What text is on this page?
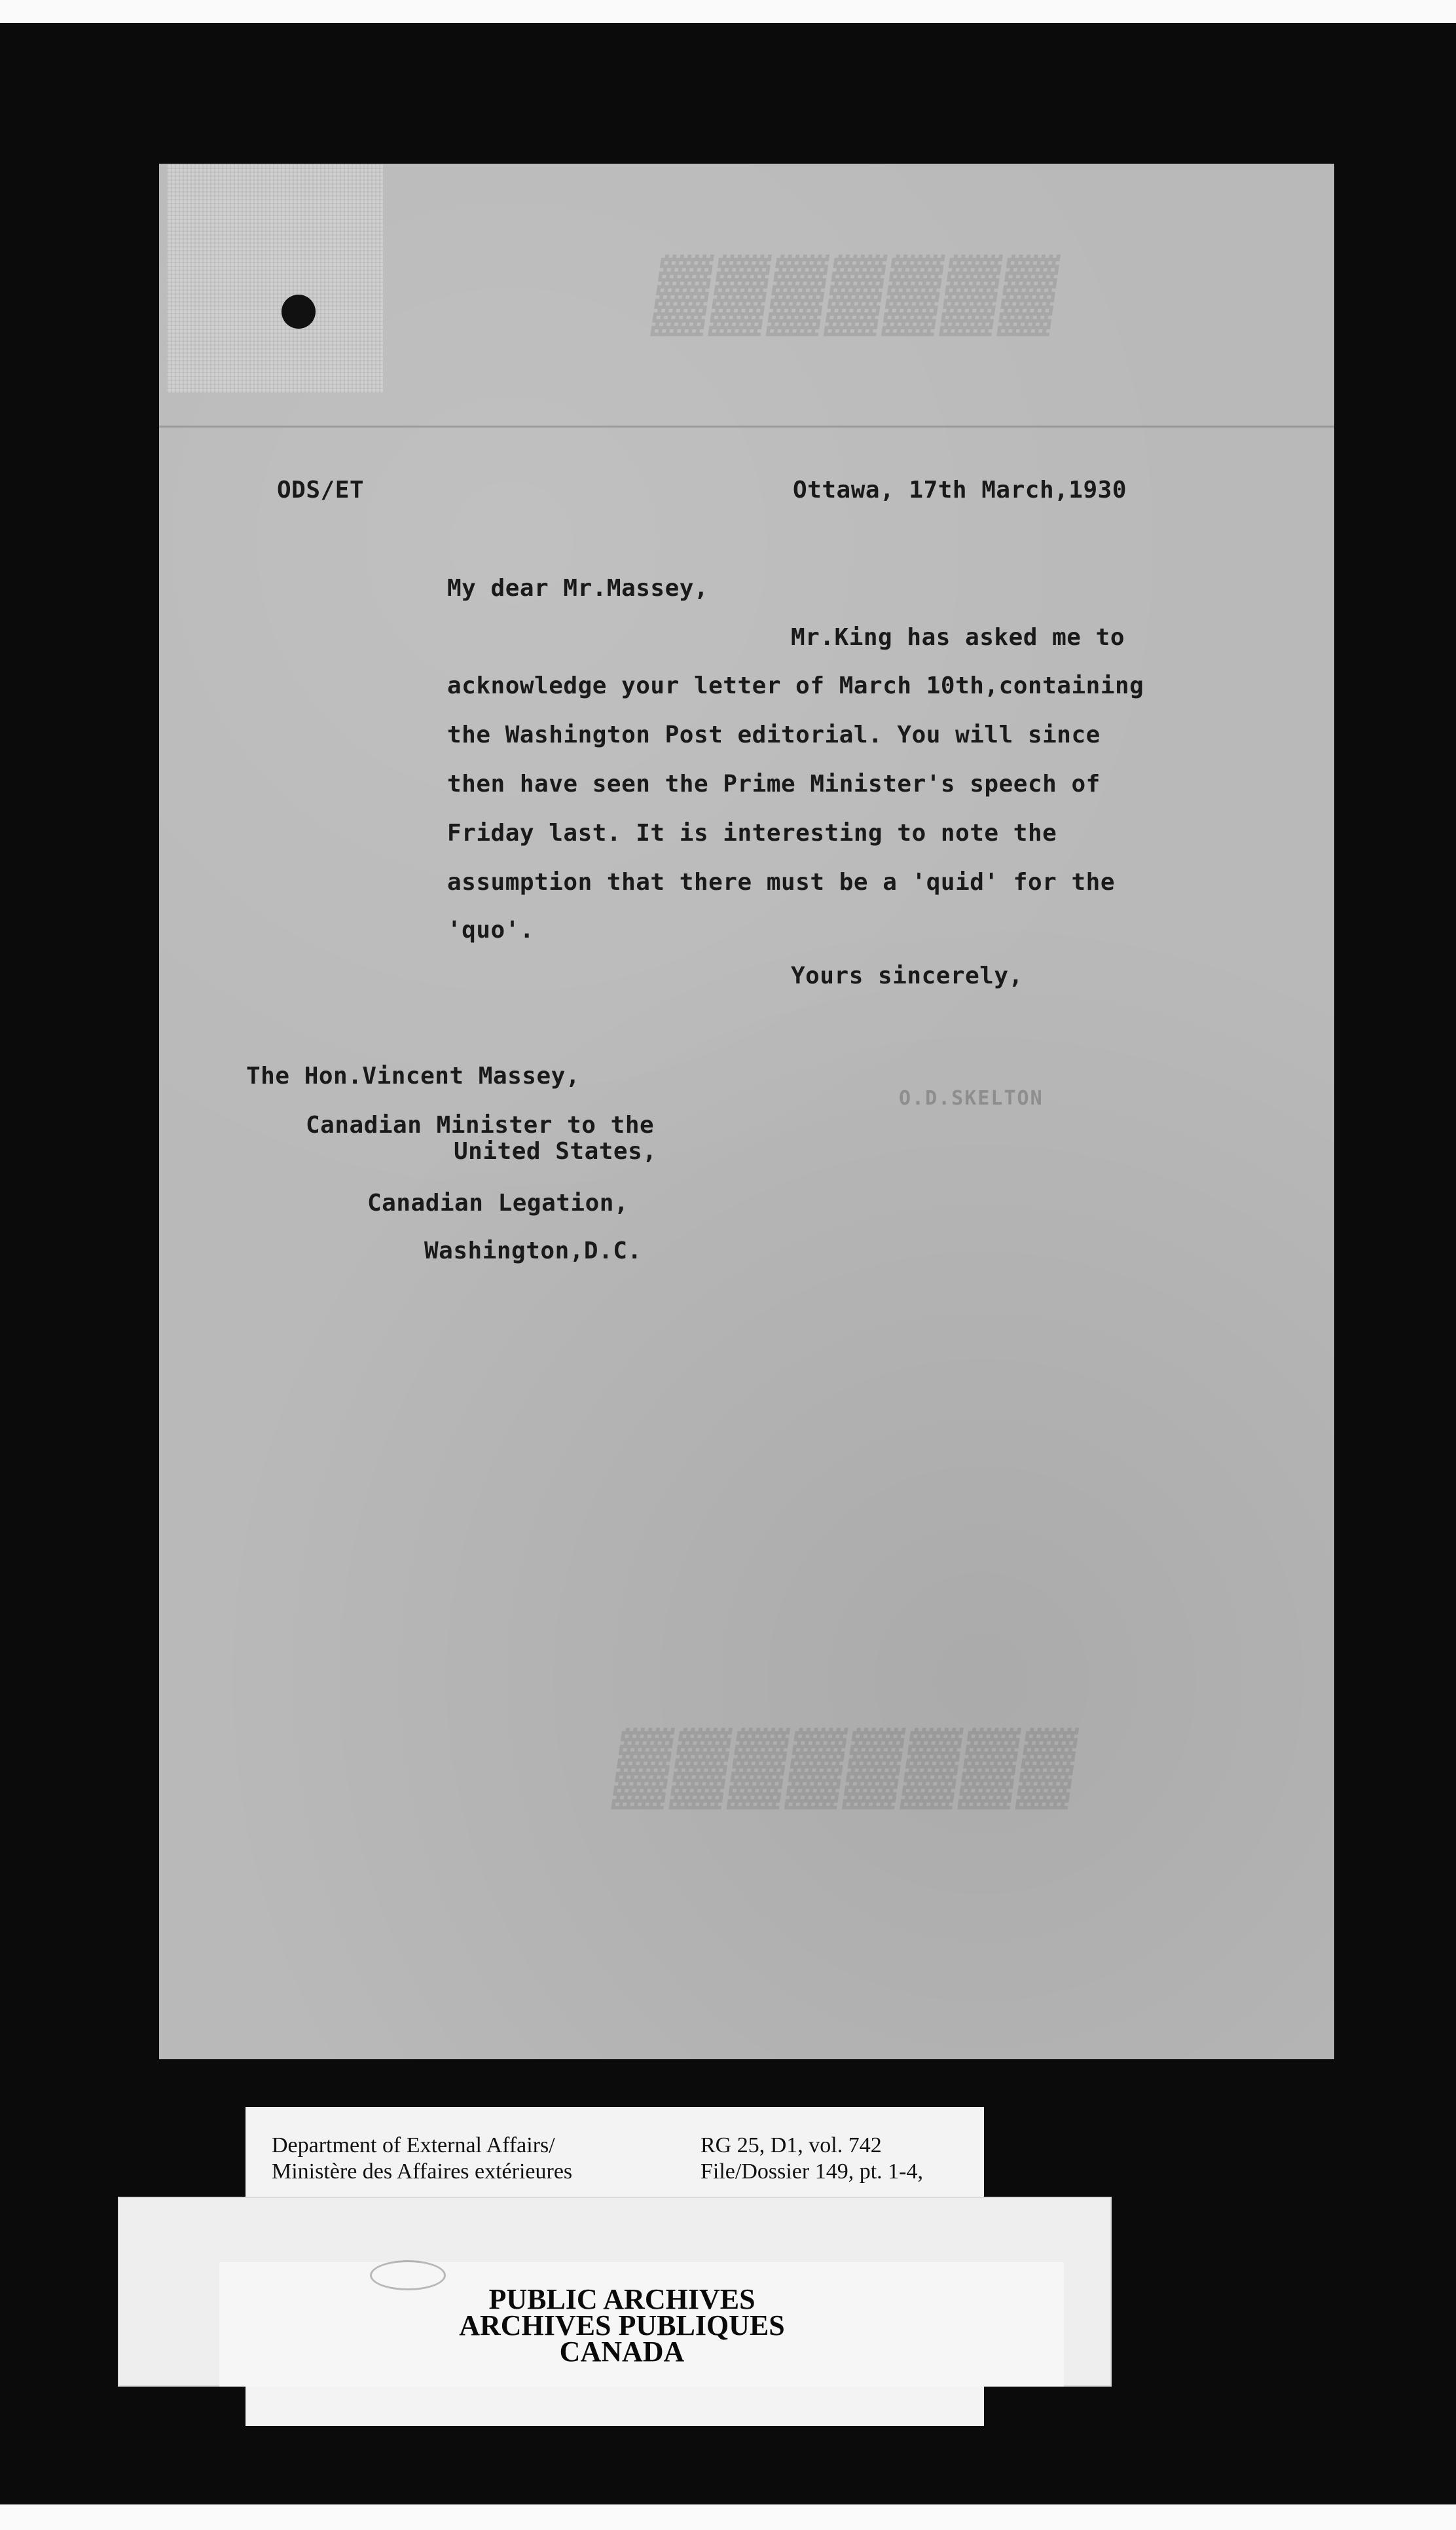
▓▓▓▓▓▓▓
▓▓▓▓▓▓▓▓
ODS/ET	Ottawa, 17th March,1930
My dear Mr.Massey,
Mr.King has asked me to
acknowledge your letter of March 10th,containing
the Washington Post editorial. You will since
then have seen the Prime Minister's speech of
Friday last. It is interesting to note the
assumption that there must be a 'quid' for the
'quo'.
Yours sincerely,
O.D.SKELTON
The Hon.Vincent Massey,
Canadian Minister to the
United States,
Canadian Legation,
Washington,D.C.
Department of External Affairs/
Ministère des Affaires extérieures
RG 25, D1, vol. 742
File/Dossier 149, pt. 1-4,
PUBLIC ARCHIVES
ARCHIVES PUBLIQUES
CANADA
